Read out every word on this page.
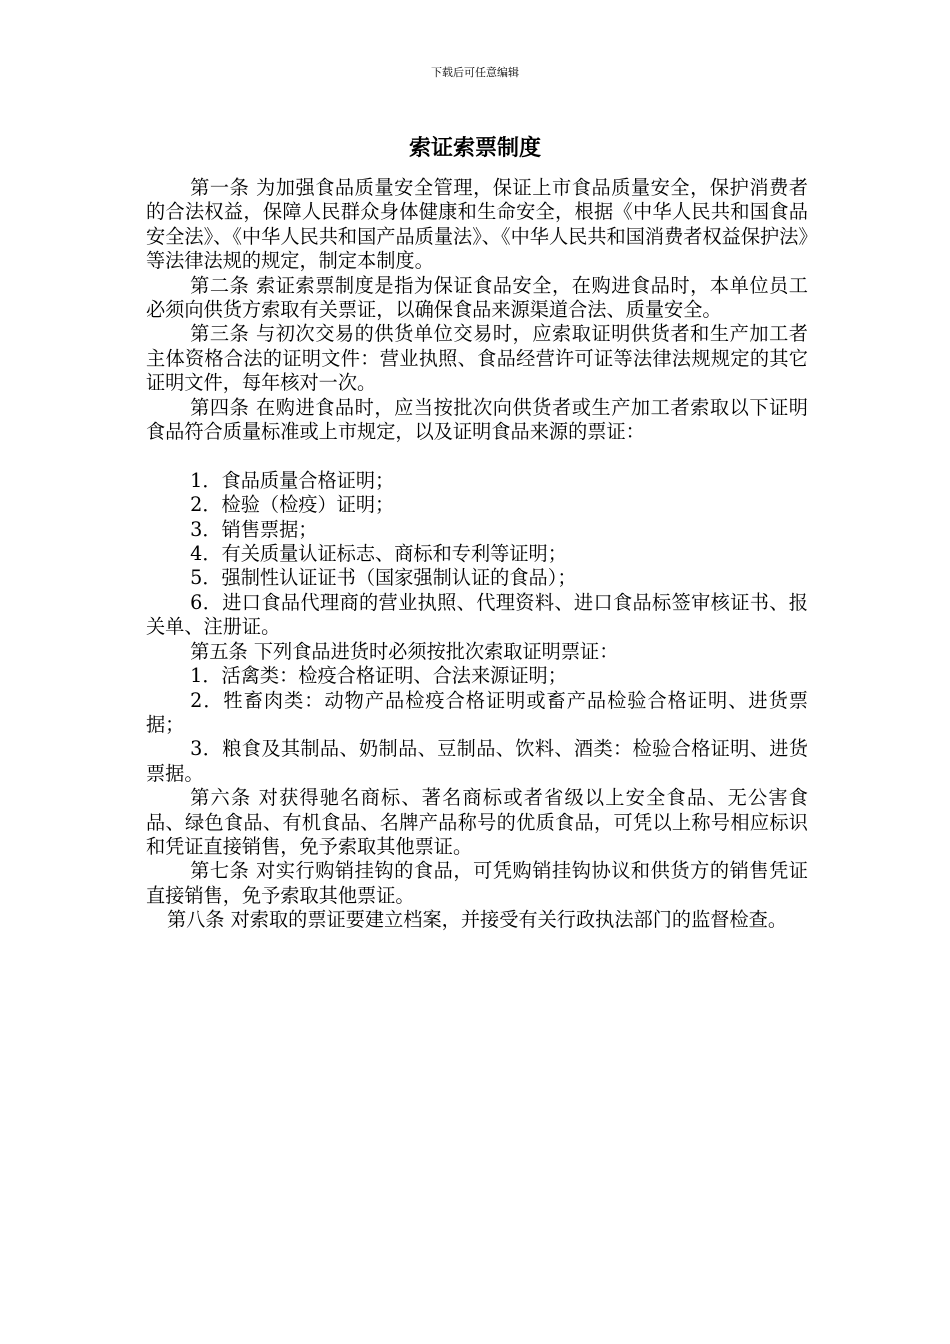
下载后可任意编辑
索证索票制度

第一条 为加强食品质量安全管理，保证上市食品质量安全，保护消费者的合法权益，保障人民群众身体健康和生命安全，根据《中华人民共和国食品安全法》、《中华人民共和国产品质量法》、《中华人民共和国消费者权益保护法》等法律法规的规定，制定本制度。

第二条 索证索票制度是指为保证食品安全，在购进食品时，本单位员工必须向供货方索取有关票证，以确保食品来源渠道合法、质量安全。

第三条 与初次交易的供货单位交易时，应索取证明供货者和生产加工者主体资格合法的证明文件：营业执照、食品经营许可证等法律法规规定的其它证明文件，每年核对一次。

第四条 在购进食品时，应当按批次向供货者或生产加工者索取以下证明食品符合质量标准或上市规定，以及证明食品来源的票证：

1．食品质量合格证明；

2．检验（检疫）证明；

3．销售票据；

4．有关质量认证标志、商标和专利等证明；

5．强制性认证证书（国家强制认证的食品）；

6．进口食品代理商的营业执照、代理资料、进口食品标签审核证书、报关单、注册证。

第五条 下列食品进货时必须按批次索取证明票证：

1．活禽类：检疫合格证明、合法来源证明；

2．牲畜肉类：动物产品检疫合格证明或畜产品检验合格证明、进货票据；

3．粮食及其制品、奶制品、豆制品、饮料、酒类：检验合格证明、进货票据。

第六条 对获得驰名商标、著名商标或者省级以上安全食品、无公害食品、绿色食品、有机食品、名牌产品称号的优质食品，可凭以上称号相应标识和凭证直接销售，免予索取其他票证。

第七条 对实行购销挂钩的食品，可凭购销挂钩协议和供货方的销售凭证直接销售，免予索取其他票证。

第八条 对索取的票证要建立档案，并接受有关行政执法部门的监督检查。
